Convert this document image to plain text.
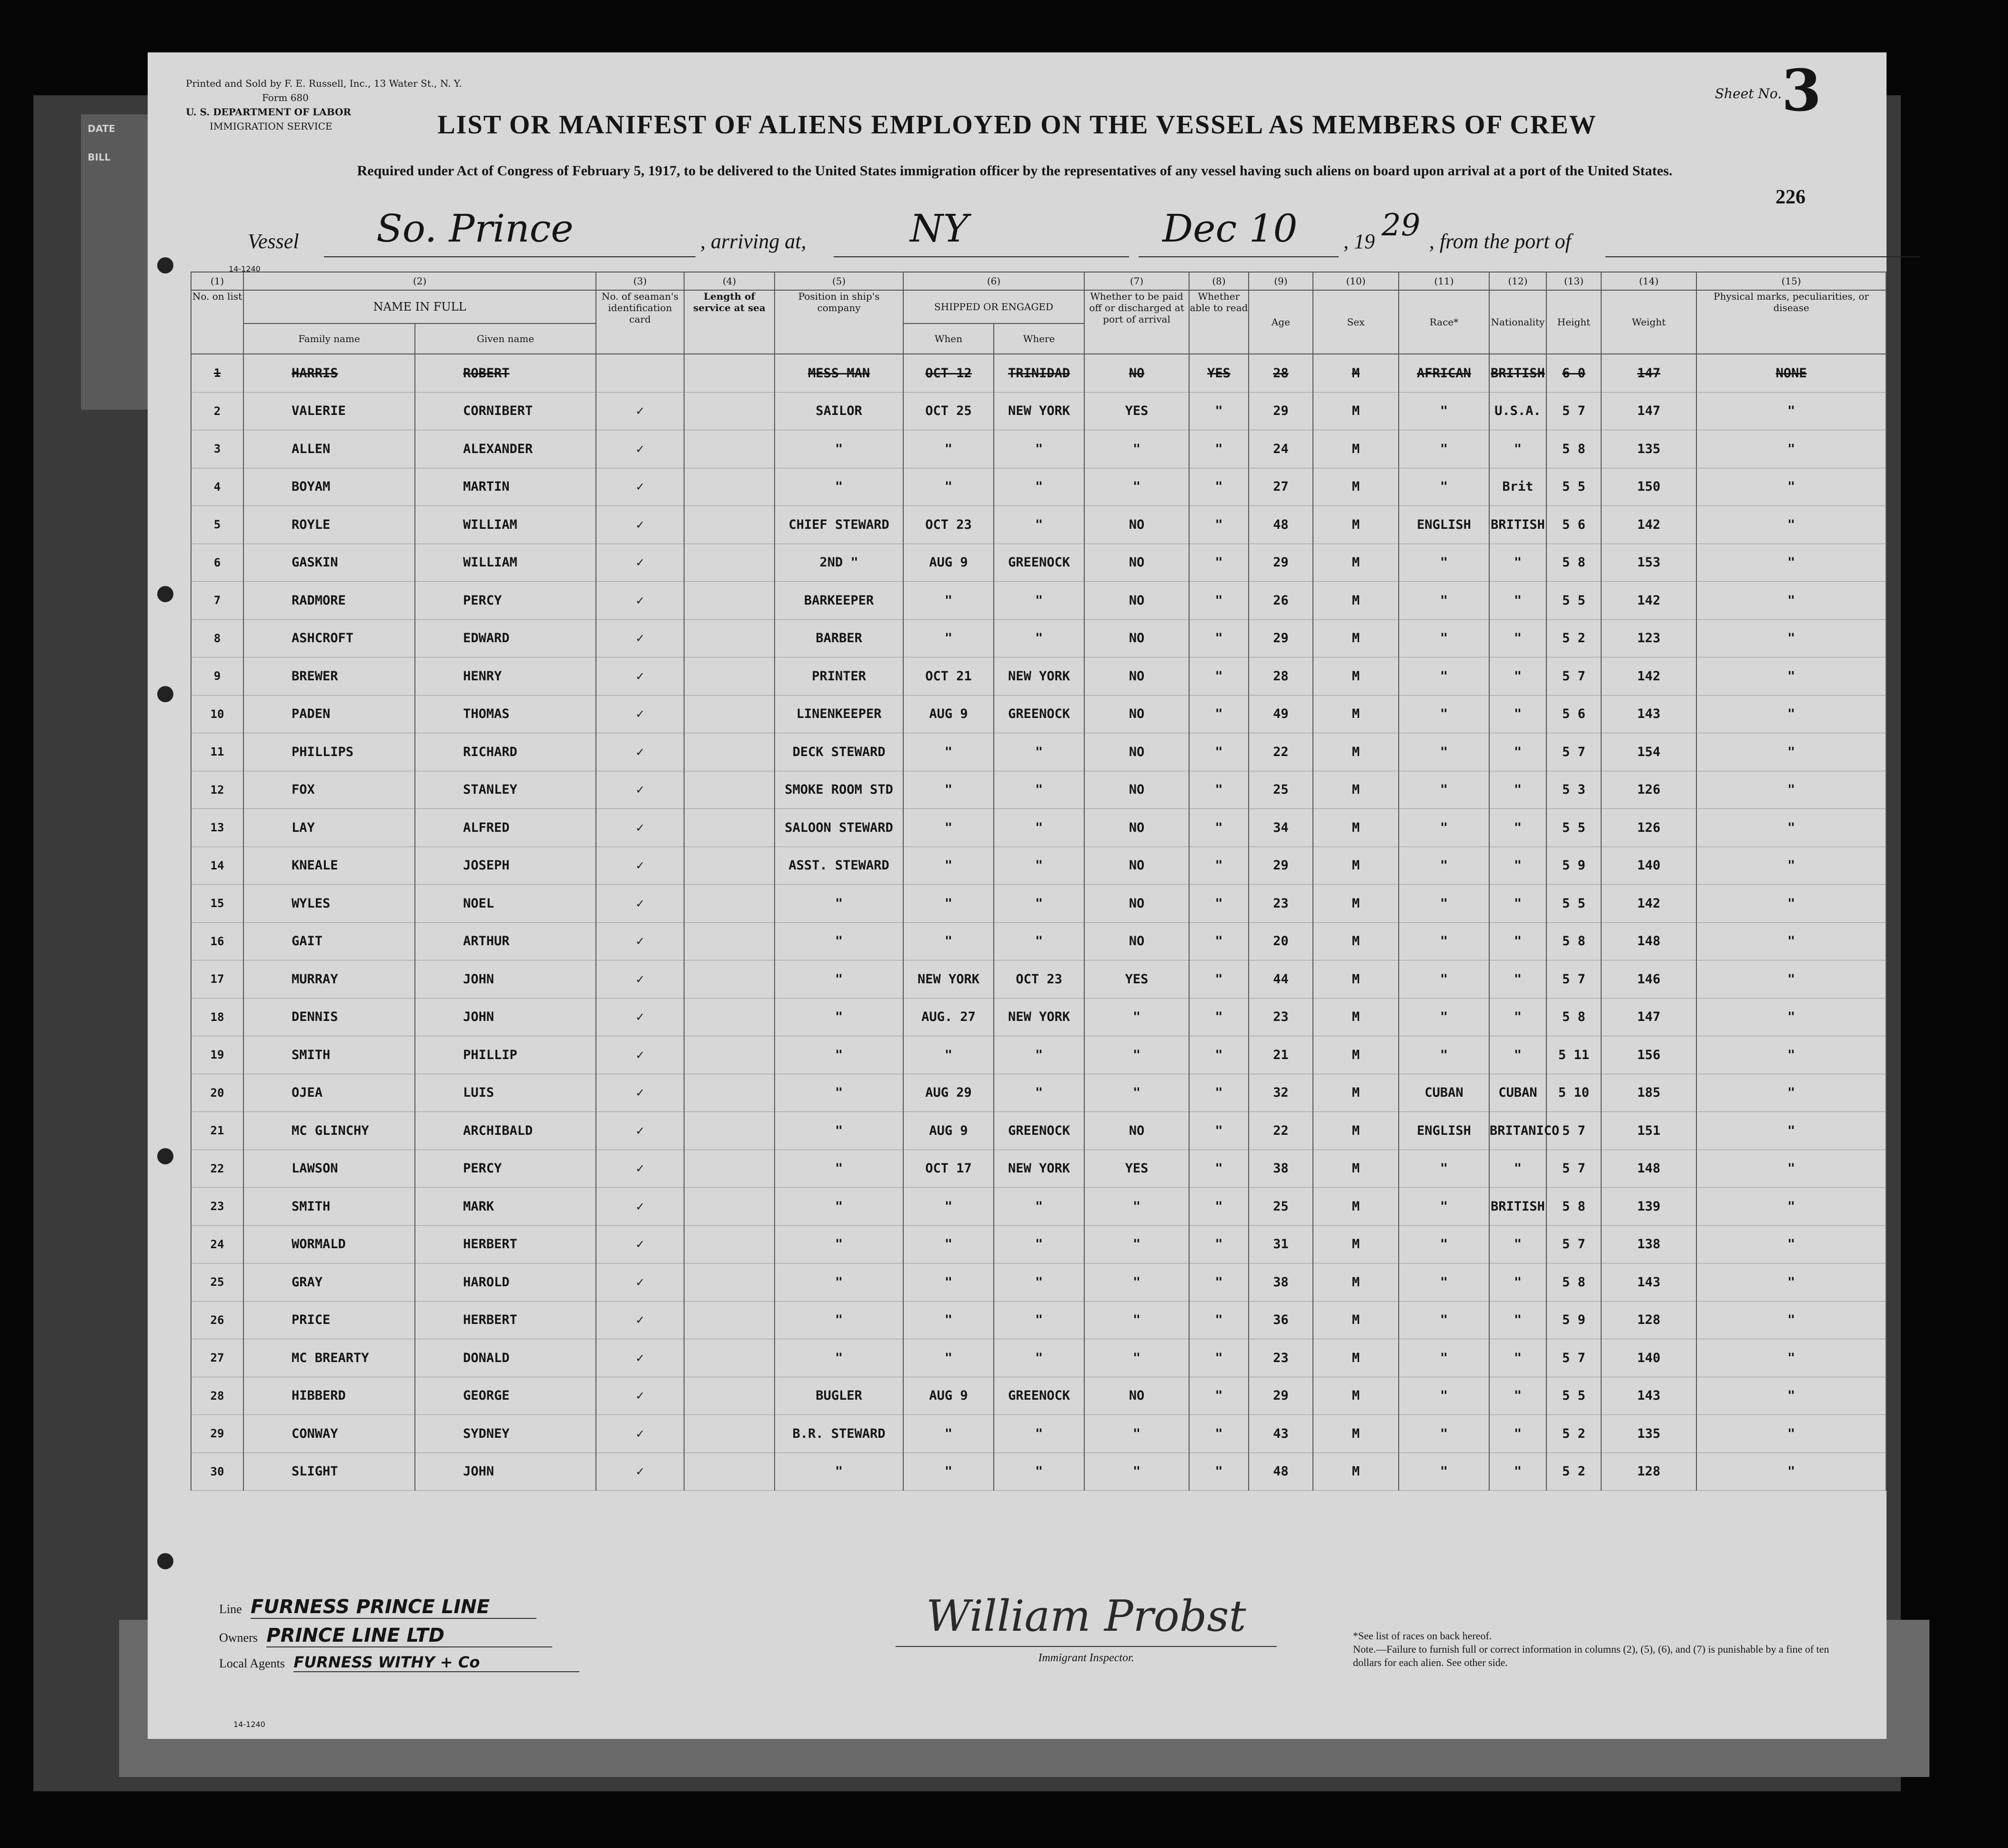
DATE
BILL
Printed and Sold by F. E. Russell, Inc., 13 Water St., N. Y.
Form 680
U. S. DEPARTMENT OF LABOR
IMMIGRATION SERVICE
Sheet No. 3
LIST OR MANIFEST OF ALIENS EMPLOYED ON THE VESSEL AS MEMBERS OF CREW
Required under Act of Congress of February 5, 1917, to be delivered to the United States immigration officer by the representatives of any vessel having such aliens on board upon arrival at a port of the United States.
226
Vessel So. Prince	, arriving at,	NY	Dec 10 , 19 29 , from the port of
14-1240
(1)	(2)		(3)	(4)	(5)	(6)		(7)	(8)	(9)	(10)	(11)	(12)	(13)	(14)	(15)
No. on list	NAME IN FULL		No. of seaman's identification card	Length of service at sea	Position in ship's company	SHIPPED OR ENGAGED		Whether to be paid off or discharged at port of arrival	Whether able to read	Age	Sex	Race*	Nationality	Height	Weight	Physical marks, peculiarities, or disease
	Family name	Given name				When	Where									
1	HARRIS	ROBERT			MESS MAN	OCT 12	TRINIDAD	NO	YES	28	M	AFRICAN	BRITISH	6 0	147	NONE
2	VALERIE	CORNIBERT	✓		SAILOR	OCT 25	NEW YORK	YES	"	29	M	"	U.S.A.	5 7	147	"
3	ALLEN	ALEXANDER	✓		"	"	"	"	"	24	M	"	"	5 8	135	"
4	BOYAM	MARTIN	✓		"	"	"	"	"	27	M	"	Brit	5 5	150	"
5	ROYLE	WILLIAM	✓		CHIEF STEWARD	OCT 23	"	NO	"	48	M	ENGLISH	BRITISH	5 6	142	"
6	GASKIN	WILLIAM	✓		2ND "	AUG 9	GREENOCK	NO	"	29	M	"	"	5 8	153	"
7	RADMORE	PERCY	✓		BARKEEPER	"	"	NO	"	26	M	"	"	5 5	142	"
8	ASHCROFT	EDWARD	✓		BARBER	"	"	NO	"	29	M	"	"	5 2	123	"
9	BREWER	HENRY	✓		PRINTER	OCT 21	NEW YORK	NO	"	28	M	"	"	5 7	142	"
10	PADEN	THOMAS	✓		LINENKEEPER	AUG 9	GREENOCK	NO	"	49	M	"	"	5 6	143	"
11	PHILLIPS	RICHARD	✓		DECK STEWARD	"	"	NO	"	22	M	"	"	5 7	154	"
12	FOX	STANLEY	✓		SMOKE ROOM STD	"	"	NO	"	25	M	"	"	5 3	126	"
13	LAY	ALFRED	✓		SALOON STEWARD	"	"	NO	"	34	M	"	"	5 5	126	"
14	KNEALE	JOSEPH	✓		ASST. STEWARD	"	"	NO	"	29	M	"	"	5 9	140	"
15	WYLES	NOEL	✓		"	"	"	NO	"	23	M	"	"	5 5	142	"
16	GAIT	ARTHUR	✓		"	"	"	NO	"	20	M	"	"	5 8	148	"
17	MURRAY	JOHN	✓		"	NEW YORK	OCT 23	YES	"	44	M	"	"	5 7	146	"
18	DENNIS	JOHN	✓		"	AUG. 27	NEW YORK	"	"	23	M	"	"	5 8	147	"
19	SMITH	PHILLIP	✓		"	"	"	"	"	21	M	"	"	5 11	156	"
20	OJEA	LUIS	✓		"	AUG 29	"	"	"	32	M	CUBAN	CUBAN	5 10	185	"
21	MC GLINCHY	ARCHIBALD	✓		"	AUG 9	GREENOCK	NO	"	22	M	ENGLISH	BRITANICO	5 7	151	"
22	LAWSON	PERCY	✓		"	OCT 17	NEW YORK	YES	"	38	M	"	"	5 7	148	"
23	SMITH	MARK	✓		"	"	"	"	"	25	M	"	BRITISH	5 8	139	"
24	WORMALD	HERBERT	✓		"	"	"	"	"	31	M	"	"	5 7	138	"
25	GRAY	HAROLD	✓		"	"	"	"	"	38	M	"	"	5 8	143	"
26	PRICE	HERBERT	✓		"	"	"	"	"	36	M	"	"	5 9	128	"
27	MC BREARTY	DONALD	✓		"	"	"	"	"	23	M	"	"	5 7	140	"
28	HIBBERD	GEORGE	✓		BUGLER	AUG 9	GREENOCK	NO	"	29	M	"	"	5 5	143	"
29	CONWAY	SYDNEY	✓		B.R. STEWARD	"	"	"	"	43	M	"	"	5 2	135	"
30	SLIGHT	JOHN	✓		"	"	"	"	"	48	M	"	"	5 2	128	"
Line FURNESS PRINCE LINE
Owners PRINCE LINE LTD
Local Agents FURNESS WITHY + Co
14-1240
William Probst
Immigrant Inspector.
*See list of races on back hereof.
Note.—Failure to furnish full or correct information in columns (2), (5), (6), and (7) is punishable by a fine of ten dollars for each alien. See other side.
